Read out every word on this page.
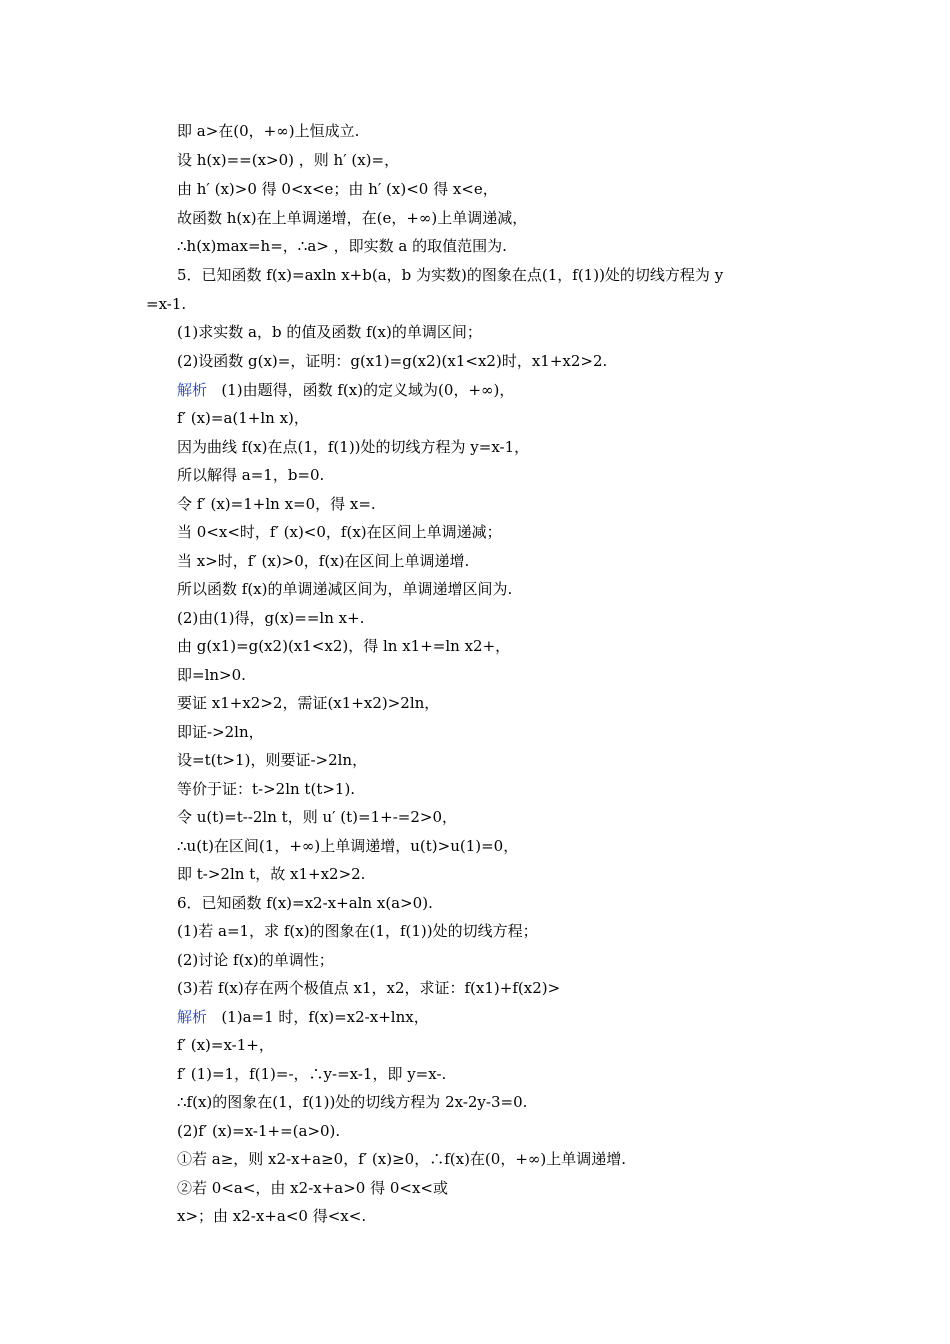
即 a>在(0，+∞)上恒成立.
设 h(x)==(x>0) ，则 h′ (x)=，
由 h′ (x)>0 得 0<x<e；由 h′ (x)<0 得 x<e，
故函数 h(x)在上单调递增，在(e，+∞)上单调递减，
∴h(x)max=h=，∴a> ，即实数 a 的取值范围为.
5．已知函数 f(x)=axln x+b(a，b 为实数)的图象在点(1，f(1))处的切线方程为 y
=x-1.
(1)求实数 a，b 的值及函数 f(x)的单调区间；
(2)设函数 g(x)=，证明：g(x1)=g(x2)(x1<x2)时，x1+x2>2.
解析 (1)由题得，函数 f(x)的定义域为(0，+∞)，
f′ (x)=a(1+ln x)，
因为曲线 f(x)在点(1，f(1))处的切线方程为 y=x-1，
所以解得 a=1，b=0.
令 f′ (x)=1+ln x=0，得 x=.
当 0<x<时，f′ (x)<0，f(x)在区间上单调递减；
当 x>时，f′ (x)>0，f(x)在区间上单调递增.
所以函数 f(x)的单调递减区间为，单调递增区间为.
(2)由(1)得，g(x)==ln x+.
由 g(x1)=g(x2)(x1<x2)，得 ln x1+=ln x2+，
即=ln>0.
要证 x1+x2>2，需证(x1+x2)>2ln，
即证->2ln，
设=t(t>1)，则要证->2ln，
等价于证：t->2ln t(t>1).
令 u(t)=t--2ln t，则 u′ (t)=1+-=2>0，
∴u(t)在区间(1，+∞)上单调递增，u(t)>u(1)=0，
即 t->2ln t，故 x1+x2>2.
6．已知函数 f(x)=x2-x+aln x(a>0).
(1)若 a=1，求 f(x)的图象在(1，f(1))处的切线方程；
(2)讨论 f(x)的单调性；
(3)若 f(x)存在两个极值点 x1，x2，求证：f(x1)+f(x2)>
解析 (1)a=1 时，f(x)=x2-x+lnx，
f′ (x)=x-1+，
f′ (1)=1，f(1)=-，∴y-=x-1，即 y=x-.
∴f(x)的图象在(1，f(1))处的切线方程为 2x-2y-3=0.
(2)f′ (x)=x-1+=(a>0).
①若 a≥，则 x2-x+a≥0，f′ (x)≥0，∴f(x)在(0，+∞)上单调递增.
②若 0<a<，由 x2-x+a>0 得 0<x<或
x>；由 x2-x+a<0 得<x<.
